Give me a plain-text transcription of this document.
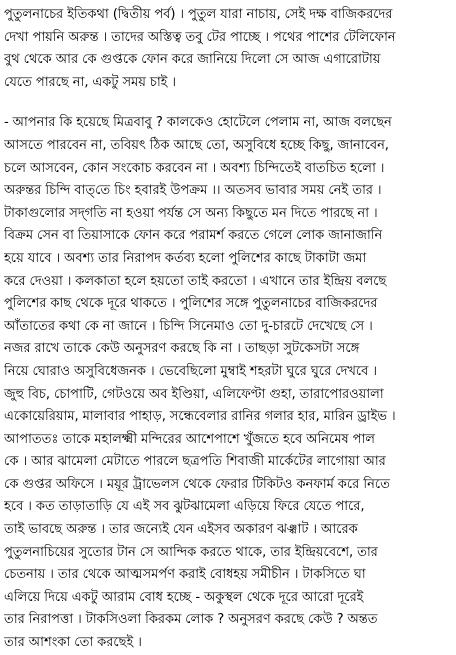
পুতুলনাচের ইতিকথা (দ্বিতীয় পর্ব) । পুতুল যারা নাচায়, সেই দক্ষ বাজিকরদের
দেখা পায়নি অরুন্ত । তাদের অস্তিত্ব তবু টের পাচ্ছে । পথের পাশের টেলিফোন
বুথ থেকে আর কে গুপ্তকে ফোন করে জানিয়ে দিলো সে আজ এগারোটায়
যেতে পারছে না, একটু সময় চাই ।
- আপনার কি হয়েছে মিত্রবাবু ? কালকেও হোটেলে পেলাম না, আজ বলছেন
আসতে পারবেন না, তবিয়ৎ ঠিক আছে তো, অসুবিধে হচ্ছে কিছু, জানাবেন,
চলে আসবেন, কোন সংকোচ করবেন না । অবশ্য চিন্দিতেই বাতচিত হলো ।
অরুন্তর চিন্দি বাত্‌তে চিং হবারই উপক্রম ।। অতসব ভাবার সময় নেই তার ।
টাকাগুলোর সদ্‌গতি না হওয়া পর্যন্ত সে অন্য কিছুতে মন দিতে পারছে না ।
বিক্রম সেন বা তিয়াসাকে ফোন করে পরামর্শ করতে গেলে লোক জানাজানি
হয়ে যাবে । অবশ্য তার নিরাপদ কর্তব্য হলো পুলিশের কাছে টাকাটা জমা
করে দেওয়া । কলকাতা হলে হয়তো তাই করতো । এখানে তার ইন্দ্রিয় বলছে
পুলিশের কাছ থেকে দূরে থাকতে । পুলিশের সঙ্গে পুতুলনাচের বাজিকরদের
আঁতাতের কথা কে না জানে । চিন্দি সিনেমাও তো দু-চারটে দেখেছে সে ।
নজর রাখে তাকে কেউ অনুসরণ করছে কি না । তাছড়া সুটকেসটা সঙ্গে
নিয়ে ঘোরাও অসুবিধেজনক । ভেবেছিলো মুম্বাই শহরটা ঘুরে ঘুরে দেখবে ।
জুহু বিচ, চোপাটি, গেটওয়ে অব ইণ্ডিয়া, এলিফেণ্টা গুহা, তারাপোরওয়ালা
একোয়েরিয়াম, মালাবার পাহাড়, সন্ধেবেলার রানির গলার হার, মারিন ড্রাইভ ।
আপাততঃ তাকে মহালক্ষ্মী মন্দিরের আশেপাশে খুঁজতে হবে অনিমেষ পাল
কে । আর ঝামেলা মেটাতে পারলে ছত্রপতি শিবাজী মার্কেটের লাগোয়া আর
কে গুপ্তর অফিসে । ময়ূর ট্রাভেলস থেকে ফেরার টিকিটও কনফার্ম করে নিতে
হবে । কত তাড়াতাড়ি যে এই সব ঝুটঝামেলা এড়িয়ে ফিরে যেতে পারে,
তাই ভাবছে অরুন্ত । তার জন্যেই যেন এইসব অকারণ ঝঞ্ঝাট । আরেক
পুতুলনাচিয়ের সুতোর টান সে আন্দিক করতে থাকে, তার ইন্দ্রিয়বেশে, তার
চেতনায় । তার থেকে আত্মসমর্পণ করাই বোধহয় সমীচীন । টাকসিতে ঘা
এলিয়ে দিয়ে একটু আরাম বোধ হচ্ছে - অকুস্থল থেকে দূরে আরো দূরেই
তার নিরাপত্তা । টাকসিওলা কিরকম লোক ? অনুসরণ করছে কেউ ? অন্তত
তার আশংকা তো করছেই ।
